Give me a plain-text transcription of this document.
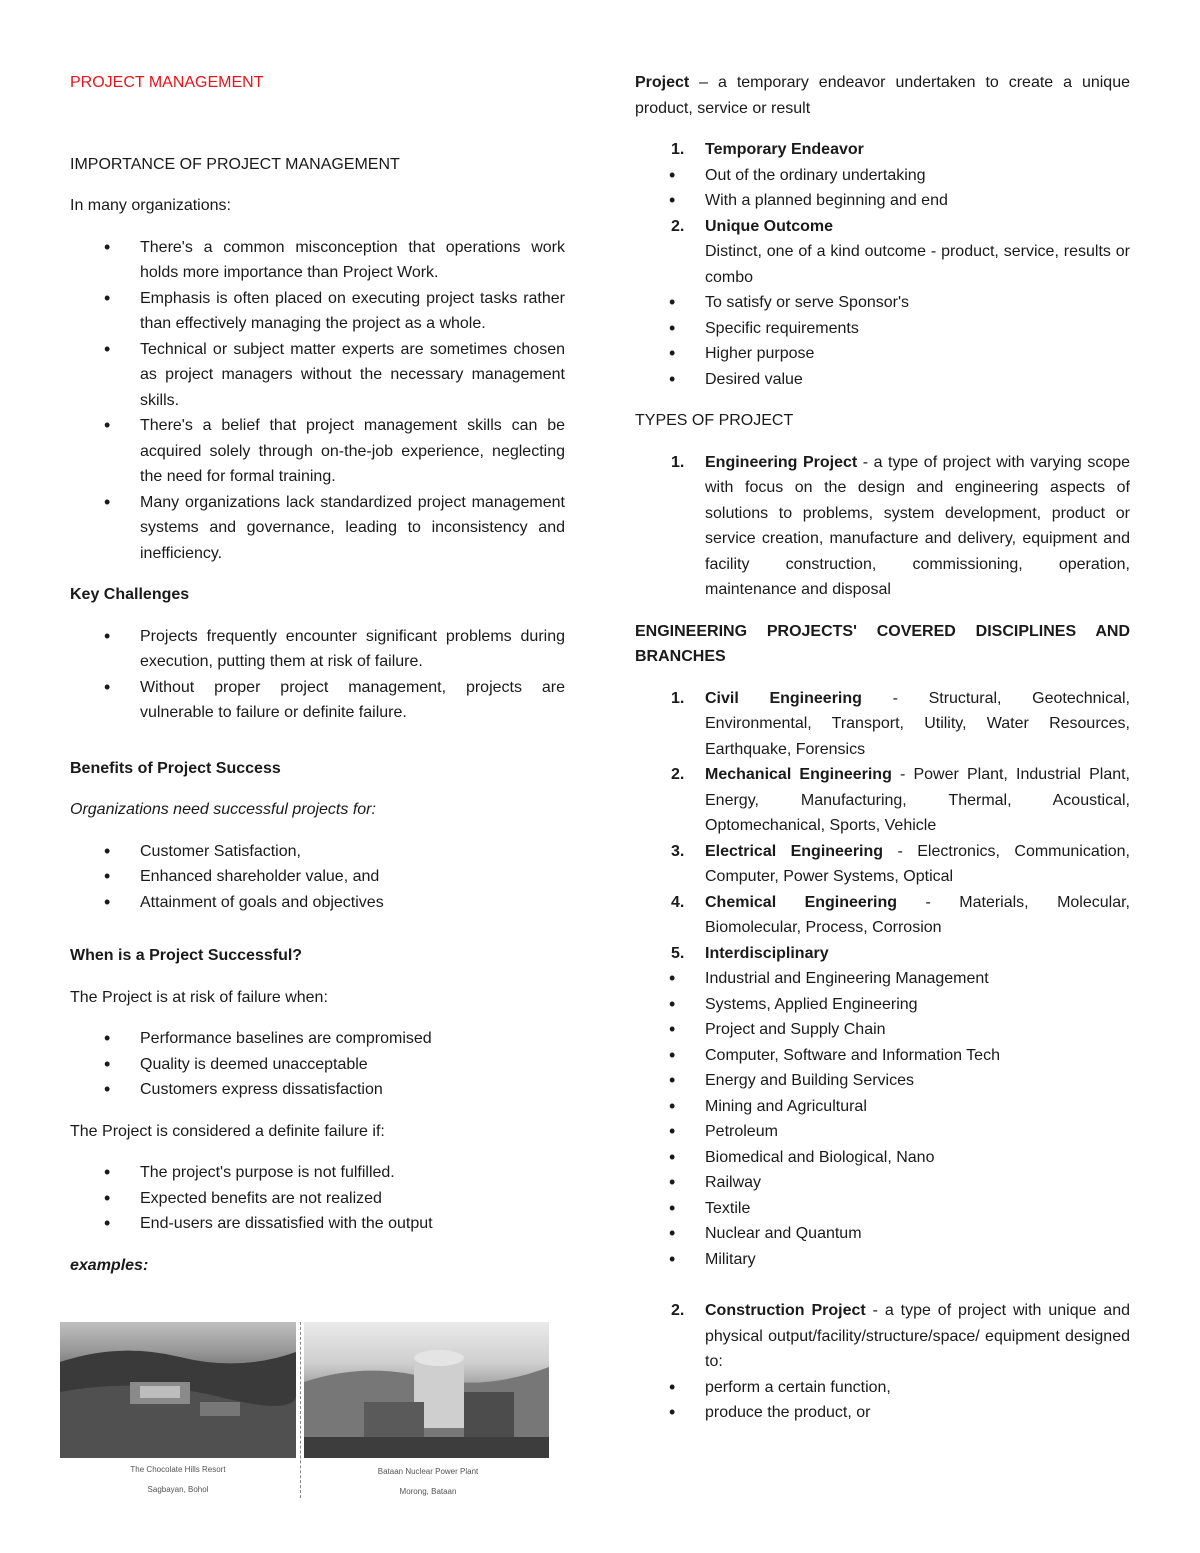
PROJECT MANAGEMENT

IMPORTANCE OF PROJECT MANAGEMENT

In many organizations:

• There's a common misconception that operations work holds more importance than Project Work.
• Emphasis is often placed on executing project tasks rather than effectively managing the project as a whole.
• Technical or subject matter experts are sometimes chosen as project managers without the necessary management skills.
• There's a belief that project management skills can be acquired solely through on-the-job experience, neglecting the need for formal training.
• Many organizations lack standardized project management systems and governance, leading to inconsistency and inefficiency.

Key Challenges

• Projects frequently encounter significant problems during execution, putting them at risk of failure.
• Without proper project management, projects are vulnerable to failure or definite failure.

Benefits of Project Success

Organizations need successful projects for:

• Customer Satisfaction,
• Enhanced shareholder value, and
• Attainment of goals and objectives

When is a Project Successful?

The Project is at risk of failure when:

• Performance baselines are compromised
• Quality is deemed unacceptable
• Customers express dissatisfaction

The Project is considered a definite failure if:

• The project's purpose is not fulfilled.
• Expected benefits are not realized
• End-users are dissatisfied with the output

examples:

The Chocolate Hills Resort
Sagbayan, Bohol
Bataan Nuclear Power Plant
Morong, Bataan

Project – a temporary endeavor undertaken to create a unique product, service or result

1. Temporary Endeavor
• Out of the ordinary undertaking
• With a planned beginning and end
2. Unique Outcome
Distinct, one of a kind outcome - product, service, results or combo
• To satisfy or serve Sponsor's
• Specific requirements
• Higher purpose
• Desired value

TYPES OF PROJECT

1. Engineering Project - a type of project with varying scope with focus on the design and engineering aspects of solutions to problems, system development, product or service creation, manufacture and delivery, equipment and facility construction, commissioning, operation, maintenance and disposal

ENGINEERING PROJECTS' COVERED DISCIPLINES AND BRANCHES

1. Civil Engineering - Structural, Geotechnical, Environmental, Transport, Utility, Water Resources, Earthquake, Forensics
2. Mechanical Engineering - Power Plant, Industrial Plant, Energy, Manufacturing, Thermal, Acoustical, Optomechanical, Sports, Vehicle
3. Electrical Engineering - Electronics, Communication, Computer, Power Systems, Optical
4. Chemical Engineering - Materials, Molecular, Biomolecular, Process, Corrosion
5. Interdisciplinary
• Industrial and Engineering Management
• Systems, Applied Engineering
• Project and Supply Chain
• Computer, Software and Information Tech
• Energy and Building Services
• Mining and Agricultural
• Petroleum
• Biomedical and Biological, Nano
• Railway
• Textile
• Nuclear and Quantum
• Military
2. Construction Project - a type of project with unique and physical output/facility/structure/space/ equipment designed to:
• perform a certain function,
• produce the product, or
